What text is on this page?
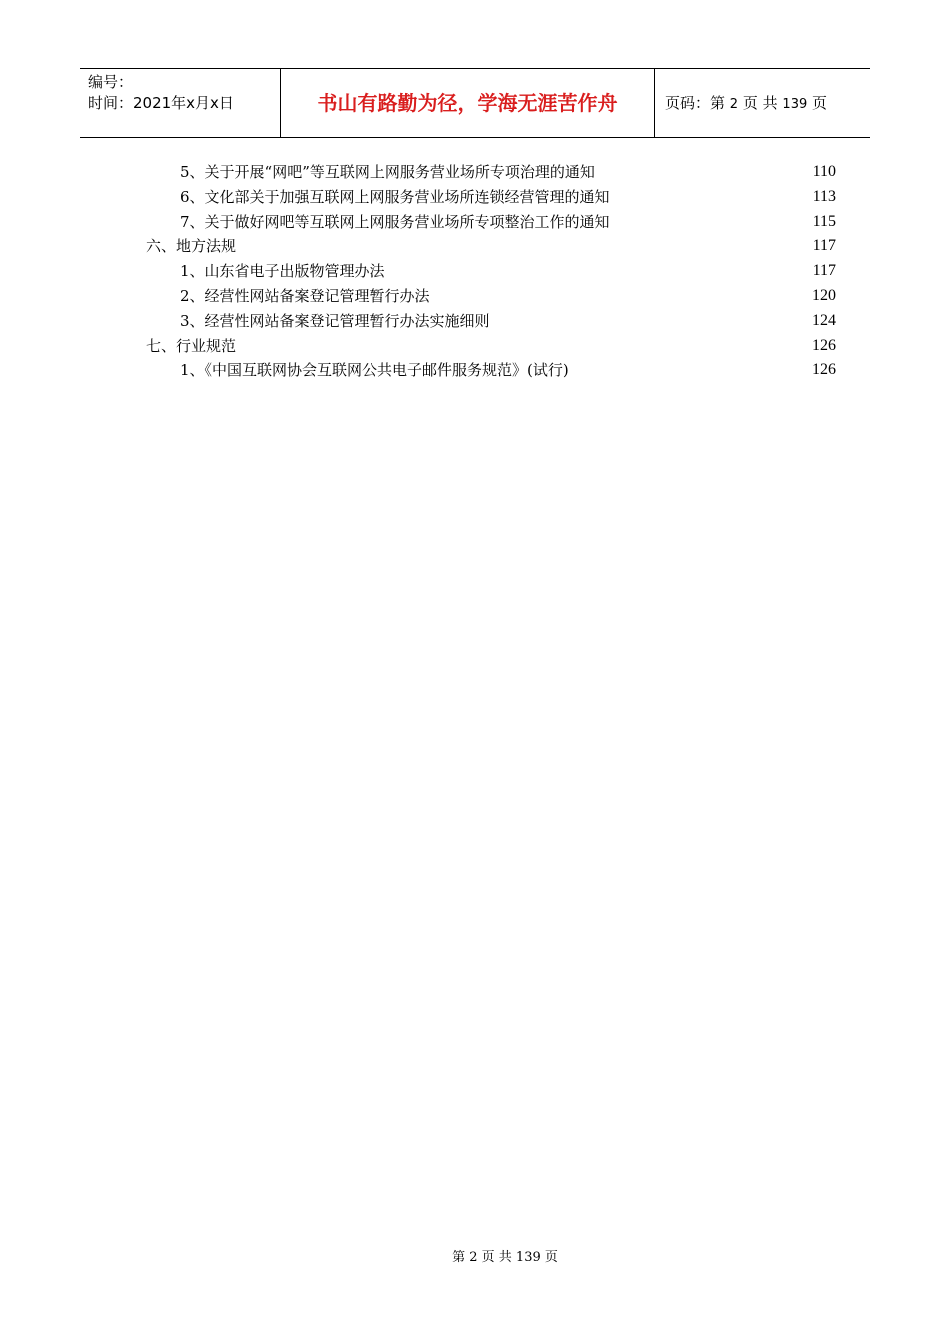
编号：
时间：2021年x月x日	书山有路勤为径，学海无涯苦作舟	页码：第 2 页 共 139 页
5、关于开展“网吧”等互联网上网服务营业场所专项治理的通知	110
6、文化部关于加强互联网上网服务营业场所连锁经营管理的通知	113
7、关于做好网吧等互联网上网服务营业场所专项整治工作的通知	115
六、地方法规	117
1、山东省电子出版物管理办法	117
2、经营性网站备案登记管理暂行办法	120
3、经营性网站备案登记管理暂行办法实施细则	124
七、行业规范	126
1、《中国互联网协会互联网公共电子邮件服务规范》(试行)	126
第 2 页 共 139 页
